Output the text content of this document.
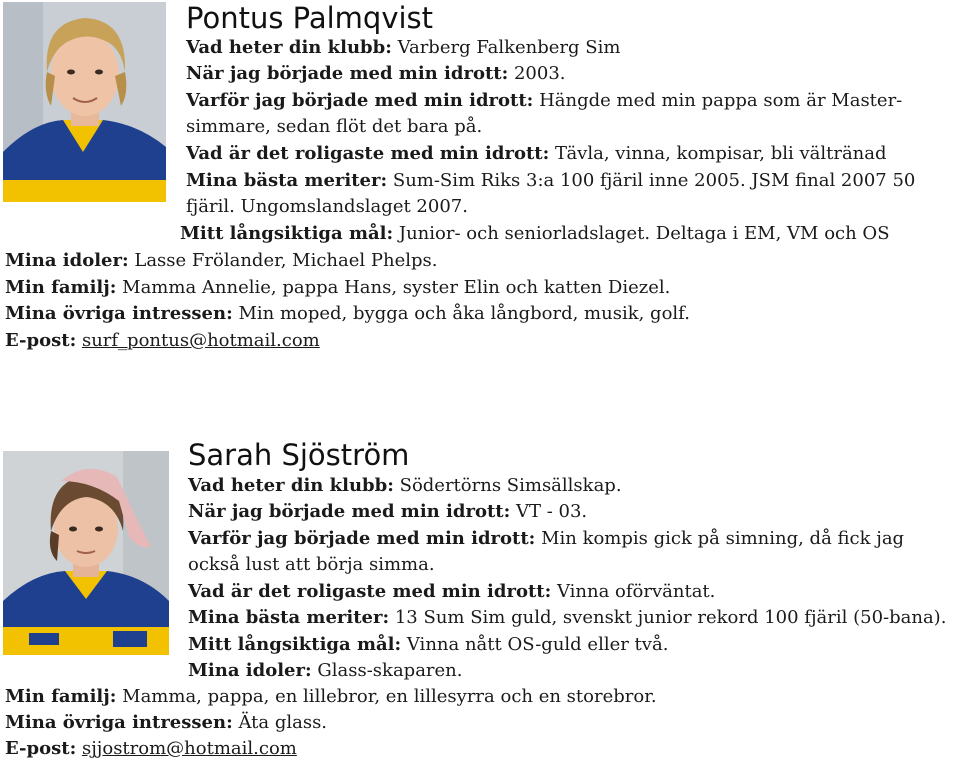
Pontus Palmqvist
Vad heter din klubb: Varberg Falkenberg Sim
När jag började med min idrott: 2003.
Varför jag började med min idrott: Hängde med min pappa som är Master-
simmare, sedan flöt det bara på.
Vad är det roligaste med min idrott: Tävla, vinna, kompisar, bli vältränad
Mina bästa meriter: Sum-Sim Riks 3:a 100 fjäril inne 2005. JSM final 2007 50
fjäril. Ungomslandslaget 2007.
Mitt långsiktiga mål: Junior- och seniorladslaget. Deltaga i EM, VM och OS
Mina idoler: Lasse Frölander, Michael Phelps.
Min familj: Mamma Annelie, pappa Hans, syster Elin och katten Diezel.
Mina övriga intressen: Min moped, bygga och åka långbord, musik, golf.
E-post: surf_pontus@hotmail.com
Sarah Sjöström
Vad heter din klubb: Södertörns Simsällskap.
När jag började med min idrott: VT - 03.
Varför jag började med min idrott: Min kompis gick på simning, då fick jag
också lust att börja simma.
Vad är det roligaste med min idrott: Vinna oförväntat.
Mina bästa meriter: 13 Sum Sim guld, svenskt junior rekord 100 fjäril (50-bana).
Mitt långsiktiga mål: Vinna nått OS-guld eller två.
Mina idoler: Glass-skaparen.
Min familj: Mamma, pappa, en lillebror, en lillesyrra och en storebror.
Mina övriga intressen: Äta glass.
E-post: sjjostrom@hotmail.com
